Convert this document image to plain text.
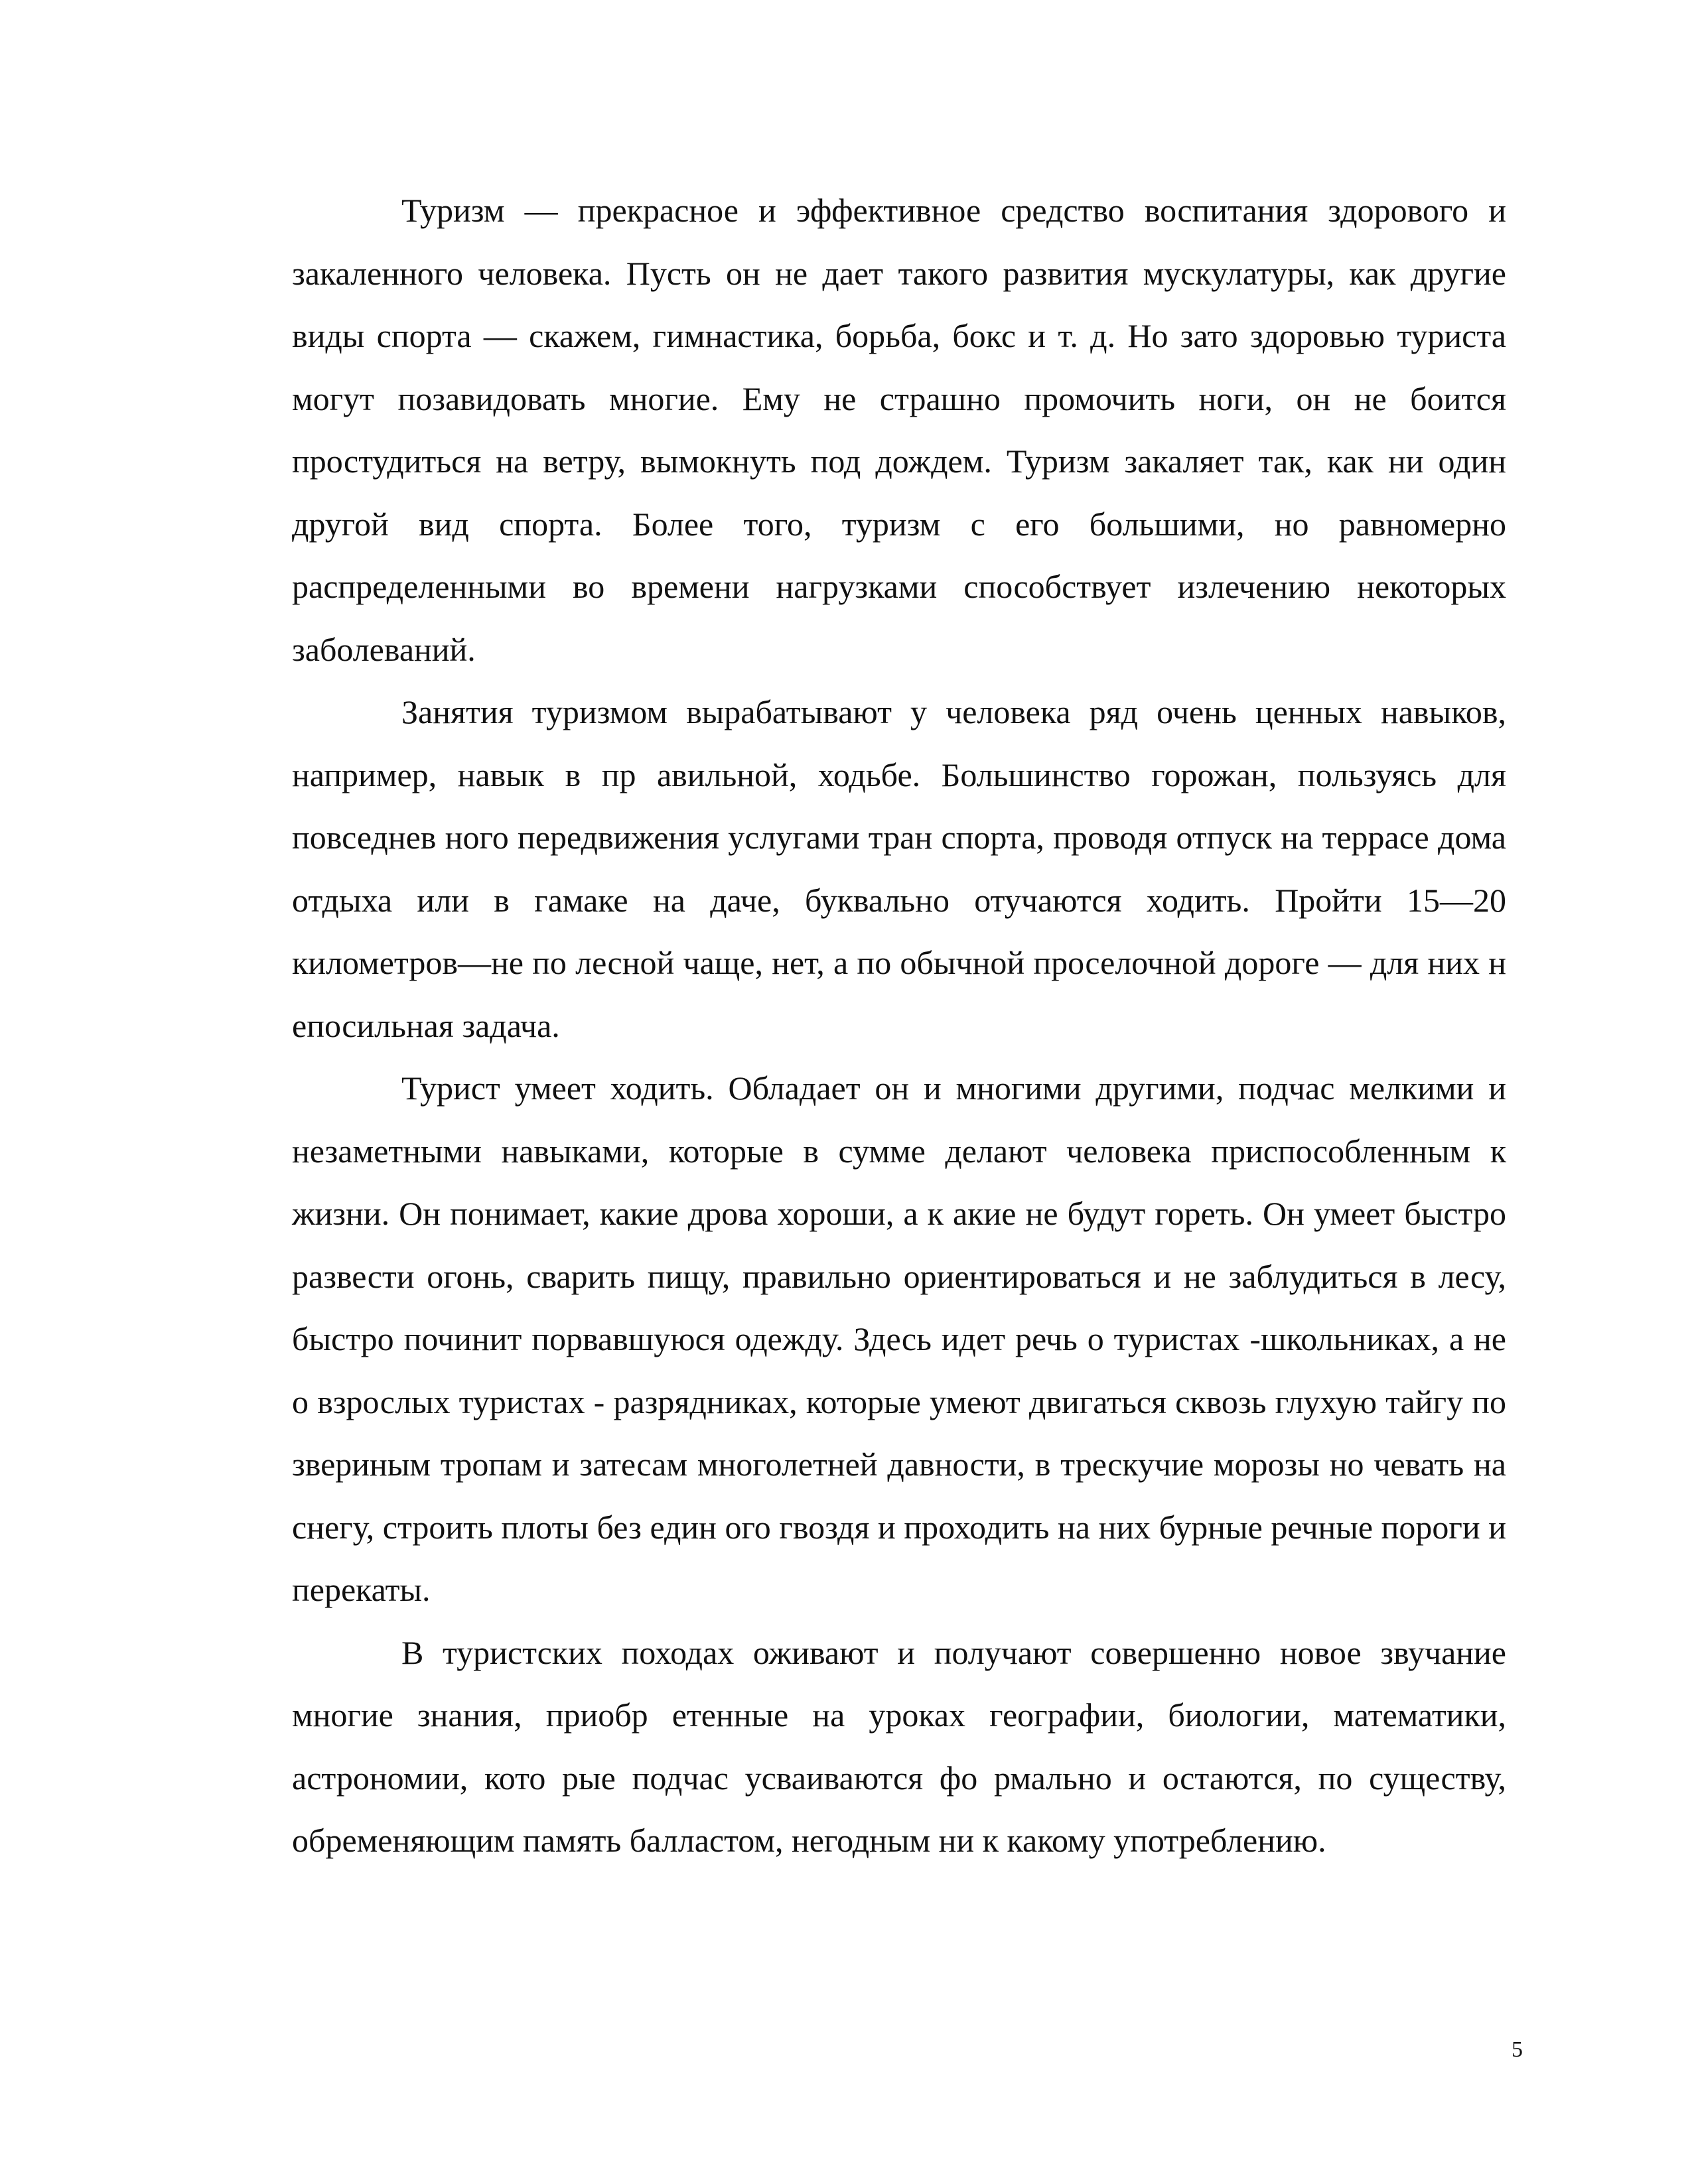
Туризм — прекрасное и эффективное средство воспитания здорового и закаленного человека. Пусть он не дает такого развития мускулатуры, как другие виды спорта — скажем, гимнастика, борьба, бокс и т. д. Но зато здоровью туриста могут позавидовать многие. Ему не страшно промочить ноги, он не боится простудиться на ветру, вымокнуть под дождем. Туризм закаляет так, как ни один другой вид спорта. Более того, туризм с его большими, но равномерно распределенными во времени нагрузками способствует излечению некоторых заболеваний.

Занятия туризмом вырабатывают у человека ряд очень ценных навыков, например, навык в пр авильной, ходьбе. Большинство горожан, пользуясь для повседнев ного передвижения услугами тран спорта, проводя отпуск на террасе дома отдыха или в гамаке на даче, буквально отучаются ходить. Пройти 15—20 километров—не по лесной чаще, нет, а по обычной проселочной дороге — для них н епосильная задача.

Турист умеет ходить. Обладает он и многими другими, подчас мелкими и незаметными навыками, которые в сумме делают человека приспособленным к жизни. Он понимает, какие дрова хороши, а к акие не будут гореть. Он умеет быстро развести огонь, сварить пищу, правильно ориентироваться и не заблудиться в лесу, быстро починит порвавшуюся одежду. Здесь идет речь о туристах -школьниках, а не о взрослых туристах - разрядниках, которые умеют двигаться сквозь глухую тайгу по звериным тропам и затесам многолетней давности, в трескучие морозы но чевать на снегу, строить плоты без един ого гвоздя и проходить на них бурные речные пороги и перекаты.

В туристских походах оживают и получают совершенно новое звучание многие знания, приобр етенные на уроках географии, биологии, математики, астрономии, кото рые подчас усваиваются фо рмально и остаются, по существу, обременяющим память балластом, негодным ни к какому употреблению.

5
